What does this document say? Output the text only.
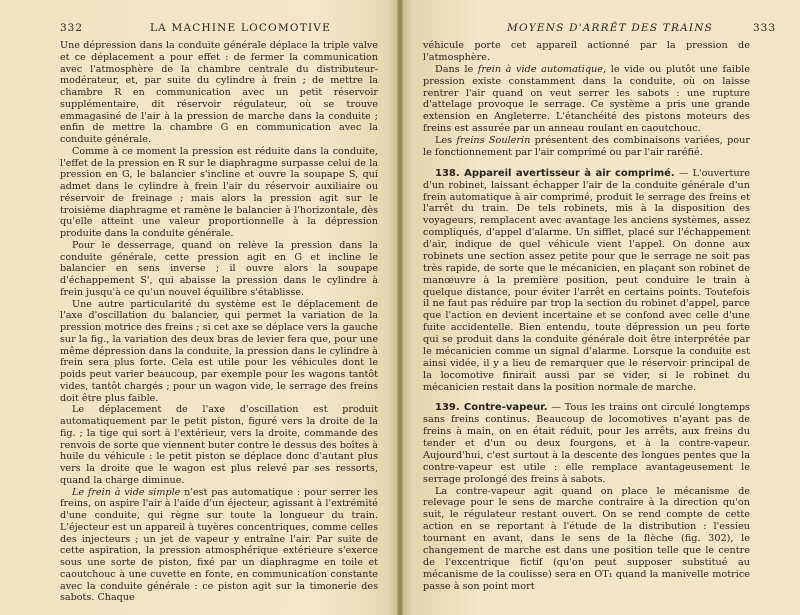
332	LA MACHINE LOCOMOTIVE

Une dépression dans la conduite générale déplace la triple valve et ce déplacement a pour effet : de fermer la communication avec l'atmosphère de la chambre centrale du distributeur-modérateur, et, par suite du cylindre à frein ; de mettre la chambre R en communication avec un petit réservoir supplémentaire, dit réservoir régulateur, où se trouve emmagasiné de l'air à la pression de marche dans la conduite ; enfin de mettre la chambre G en communication avec la conduite générale.

Comme à ce moment la pression est réduite dans la conduite, l'effet de la pression en R sur le diaphragme surpasse celui de la pression en G, le balancier s'incline et ouvre la soupape S, qui admet dans le cylindre à frein l'air du réservoir auxiliaire ou réservoir de freinage ; mais alors la pression agit sur le troisième diaphragme et ramène le balancier à l'horizontale, dès qu'elle atteint une valeur proportionnelle à la dépression produite dans la conduite générale.

Pour le desserrage, quand on relève la pression dans la conduite générale, cette pression agit en G et incline le balancier en sens inverse ; il ouvre alors la soupape d'échappement S', qui abaisse la pression dans le cylindre à frein jusqu'à ce qu'un nouvel équilibre s'établisse.

Une autre particularité du système est le déplacement de l'axe d'oscillation du balancier, qui permet la variation de la pression motrice des freins ; si cet axe se déplace vers la gauche sur la fig., la variation des deux bras de levier fera que, pour une même dépression dans la conduite, la pression dans le cylindre à frein sera plus forte. Cela est utile pour les véhicules dont le poids peut varier beaucoup, par exemple pour les wagons tantôt vides, tantôt chargés ; pour un wagon vide, le serrage des freins doit être plus faible.

Le déplacement de l'axe d'oscillation est produit automatiquement par le petit piston, figuré vers la droite de la fig. ; la tige qui sort à l'extérieur, vers la droite, commande des renvois de sorte que viennent buter contre le dessus des boîtes à huile du véhicule : le petit piston se déplace donc d'autant plus vers la droite que le wagon est plus relevé par ses ressorts, quand la charge diminue.

Le frein à vide simple n'est pas automatique : pour serrer les freins, on aspire l'air à l'aide d'un éjecteur, agissant à l'extrémité d'une conduite, qui règne sur toute la longueur du train. L'éjecteur est un appareil à tuyères concentriques, comme celles des injecteurs ; un jet de vapeur y entraîne l'air. Par suite de cette aspiration, la pression atmosphérique extérieure s'exerce sous une sorte de piston, fixé par un diaphragme en toile et caoutchouc à une cuvette en fonte, en communication constante avec la conduite générale : ce piston agit sur la timonerie des sabots. Chaque

MOYENS D'ARRÊT DES TRAINS	333

véhicule porte cet appareil actionné par la pression de l'atmosphère.

Dans le frein à vide automatique, le vide ou plutôt une faible pression existe constamment dans la conduite, où on laisse rentrer l'air quand on veut serrer les sabots : une rupture d'attelage provoque le serrage. Ce système a pris une grande extension en Angleterre. L'étanchéité des pistons moteurs des freins est assurée par un anneau roulant en caoutchouc.

Les freins Soulerin présentent des combinaisons variées, pour le fonctionnement par l'air comprimé ou par l'air raréfié.

138. Appareil avertisseur à air comprimé. — L'ouverture d'un robinet, laissant échapper l'air de la conduite générale d'un frein automatique à air comprimé, produit le serrage des freins et l'arrêt du train. De tels robinets, mis à la disposition des voyageurs, remplacent avec avantage les anciens systèmes, assez compliqués, d'appel d'alarme. Un sifflet, placé sur l'échappement d'air, indique de quel véhicule vient l'appel. On donne aux robinets une section assez petite pour que le serrage ne soit pas très rapide, de sorte que le mécanicien, en plaçant son robinet de manœuvre à la première position, peut conduire le train à quelque distance, pour éviter l'arrêt en certains points. Toutefois il ne faut pas réduire par trop la section du robinet d'appel, parce que l'action en devient incertaine et se confond avec celle d'une fuite accidentelle. Bien entendu, toute dépression un peu forte qui se produit dans la conduite générale doit être interprétée par le mécanicien comme un signal d'alarme. Lorsque la conduite est ainsi vidée, il y a lieu de remarquer que le réservoir principal de la locomotive finirait aussi par se vider, si le robinet du mécanicien restait dans la position normale de marche.

139. Contre-vapeur. — Tous les trains ont circulé longtemps sans freins continus. Beaucoup de locomotives n'ayant pas de freins à main, on en était réduit, pour les arrêts, aux freins du tender et d'un ou deux fourgons, et à la contre-vapeur. Aujourd'hui, c'est surtout à la descente des longues pentes que la contre-vapeur est utile : elle remplace avantageusement le serrage prolongé des freins à sabots.

La contre-vapeur agit quand on place le mécanisme de relevage pour le sens de marche contraire à la direction qu'on suit, le régulateur restant ouvert. On se rend compte de cette action en se reportant à l'étude de la distribution : l'essieu tournant en avant, dans le sens de la flèche (fig. 302), le changement de marche est dans une position telle que le centre de l'excentrique fictif (qu'on peut supposer substitué au mécanisme de la coulisse) sera en OT₁ quand la manivelle motrice passe à son point mort
